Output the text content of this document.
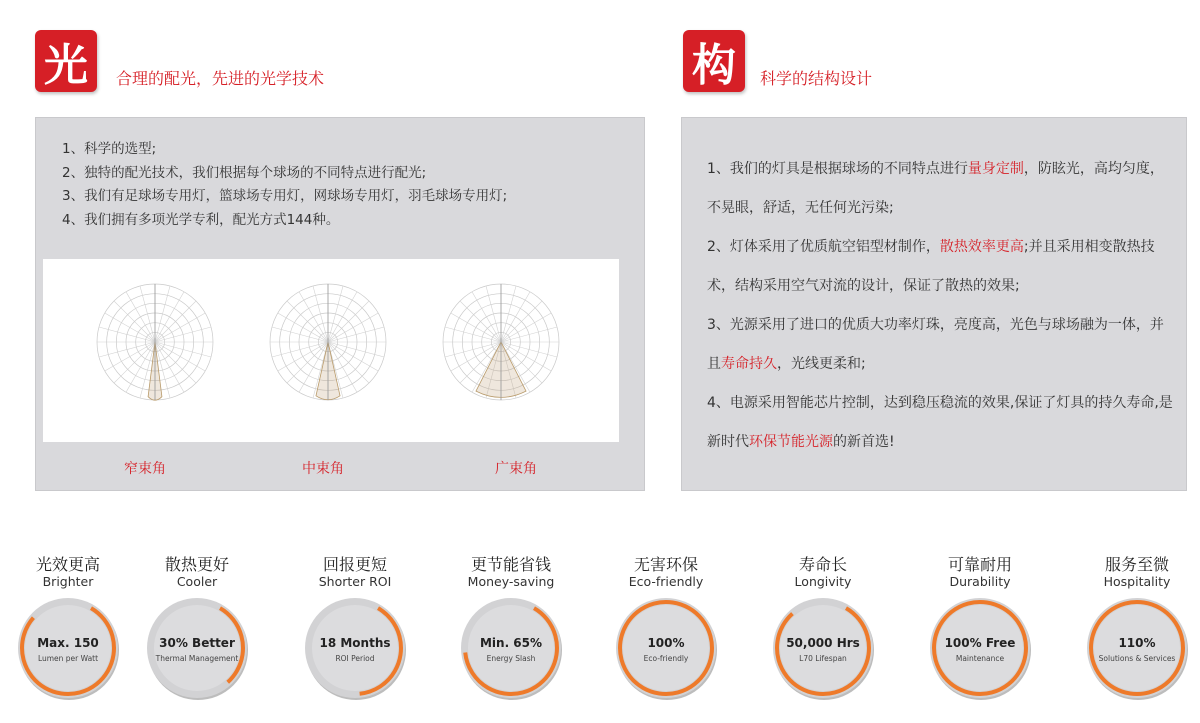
光	合理的配光，先进的光学技术
1、科学的选型;
2、独特的配光技术，我们根据每个球场的不同特点进行配光;
3、我们有足球场专用灯，篮球场专用灯，网球场专用灯，羽毛球场专用灯;
4、我们拥有多项光学专利，配光方式144种。
窄束角	中束角	广束角
构	科学的结构设计

1、我们的灯具是根据球场的不同特点进行量身定制，防眩光，高均匀度，不晃眼，舒适，无任何光污染;

2、灯体采用了优质航空铝型材制作，散热效率更高;并且采用相变散热技术，结构采用空气对流的设计，保证了散热的效果;

3、光源采用了进口的优质大功率灯珠，亮度高，光色与球场融为一体，并且寿命持久，光线更柔和;

4、电源采用智能芯片控制，达到稳压稳流的效果,保证了灯具的持久寿命,是新时代环保节能光源的新首选!

光效更高
Brighter
Max. 150
Lumen per Watt
散热更好
Cooler
30% Better
Thermal Management
回报更短
Shorter ROI
18 Months
ROI Period
更节能省钱
Money-saving
Min. 65%
Energy Slash
无害环保
Eco-friendly
100%
Eco-friendly
寿命长
Longivity
50,000 Hrs
L70 Lifespan
可靠耐用
Durability
100% Free
Maintenance
服务至微
Hospitality
110%
Solutions & Services
